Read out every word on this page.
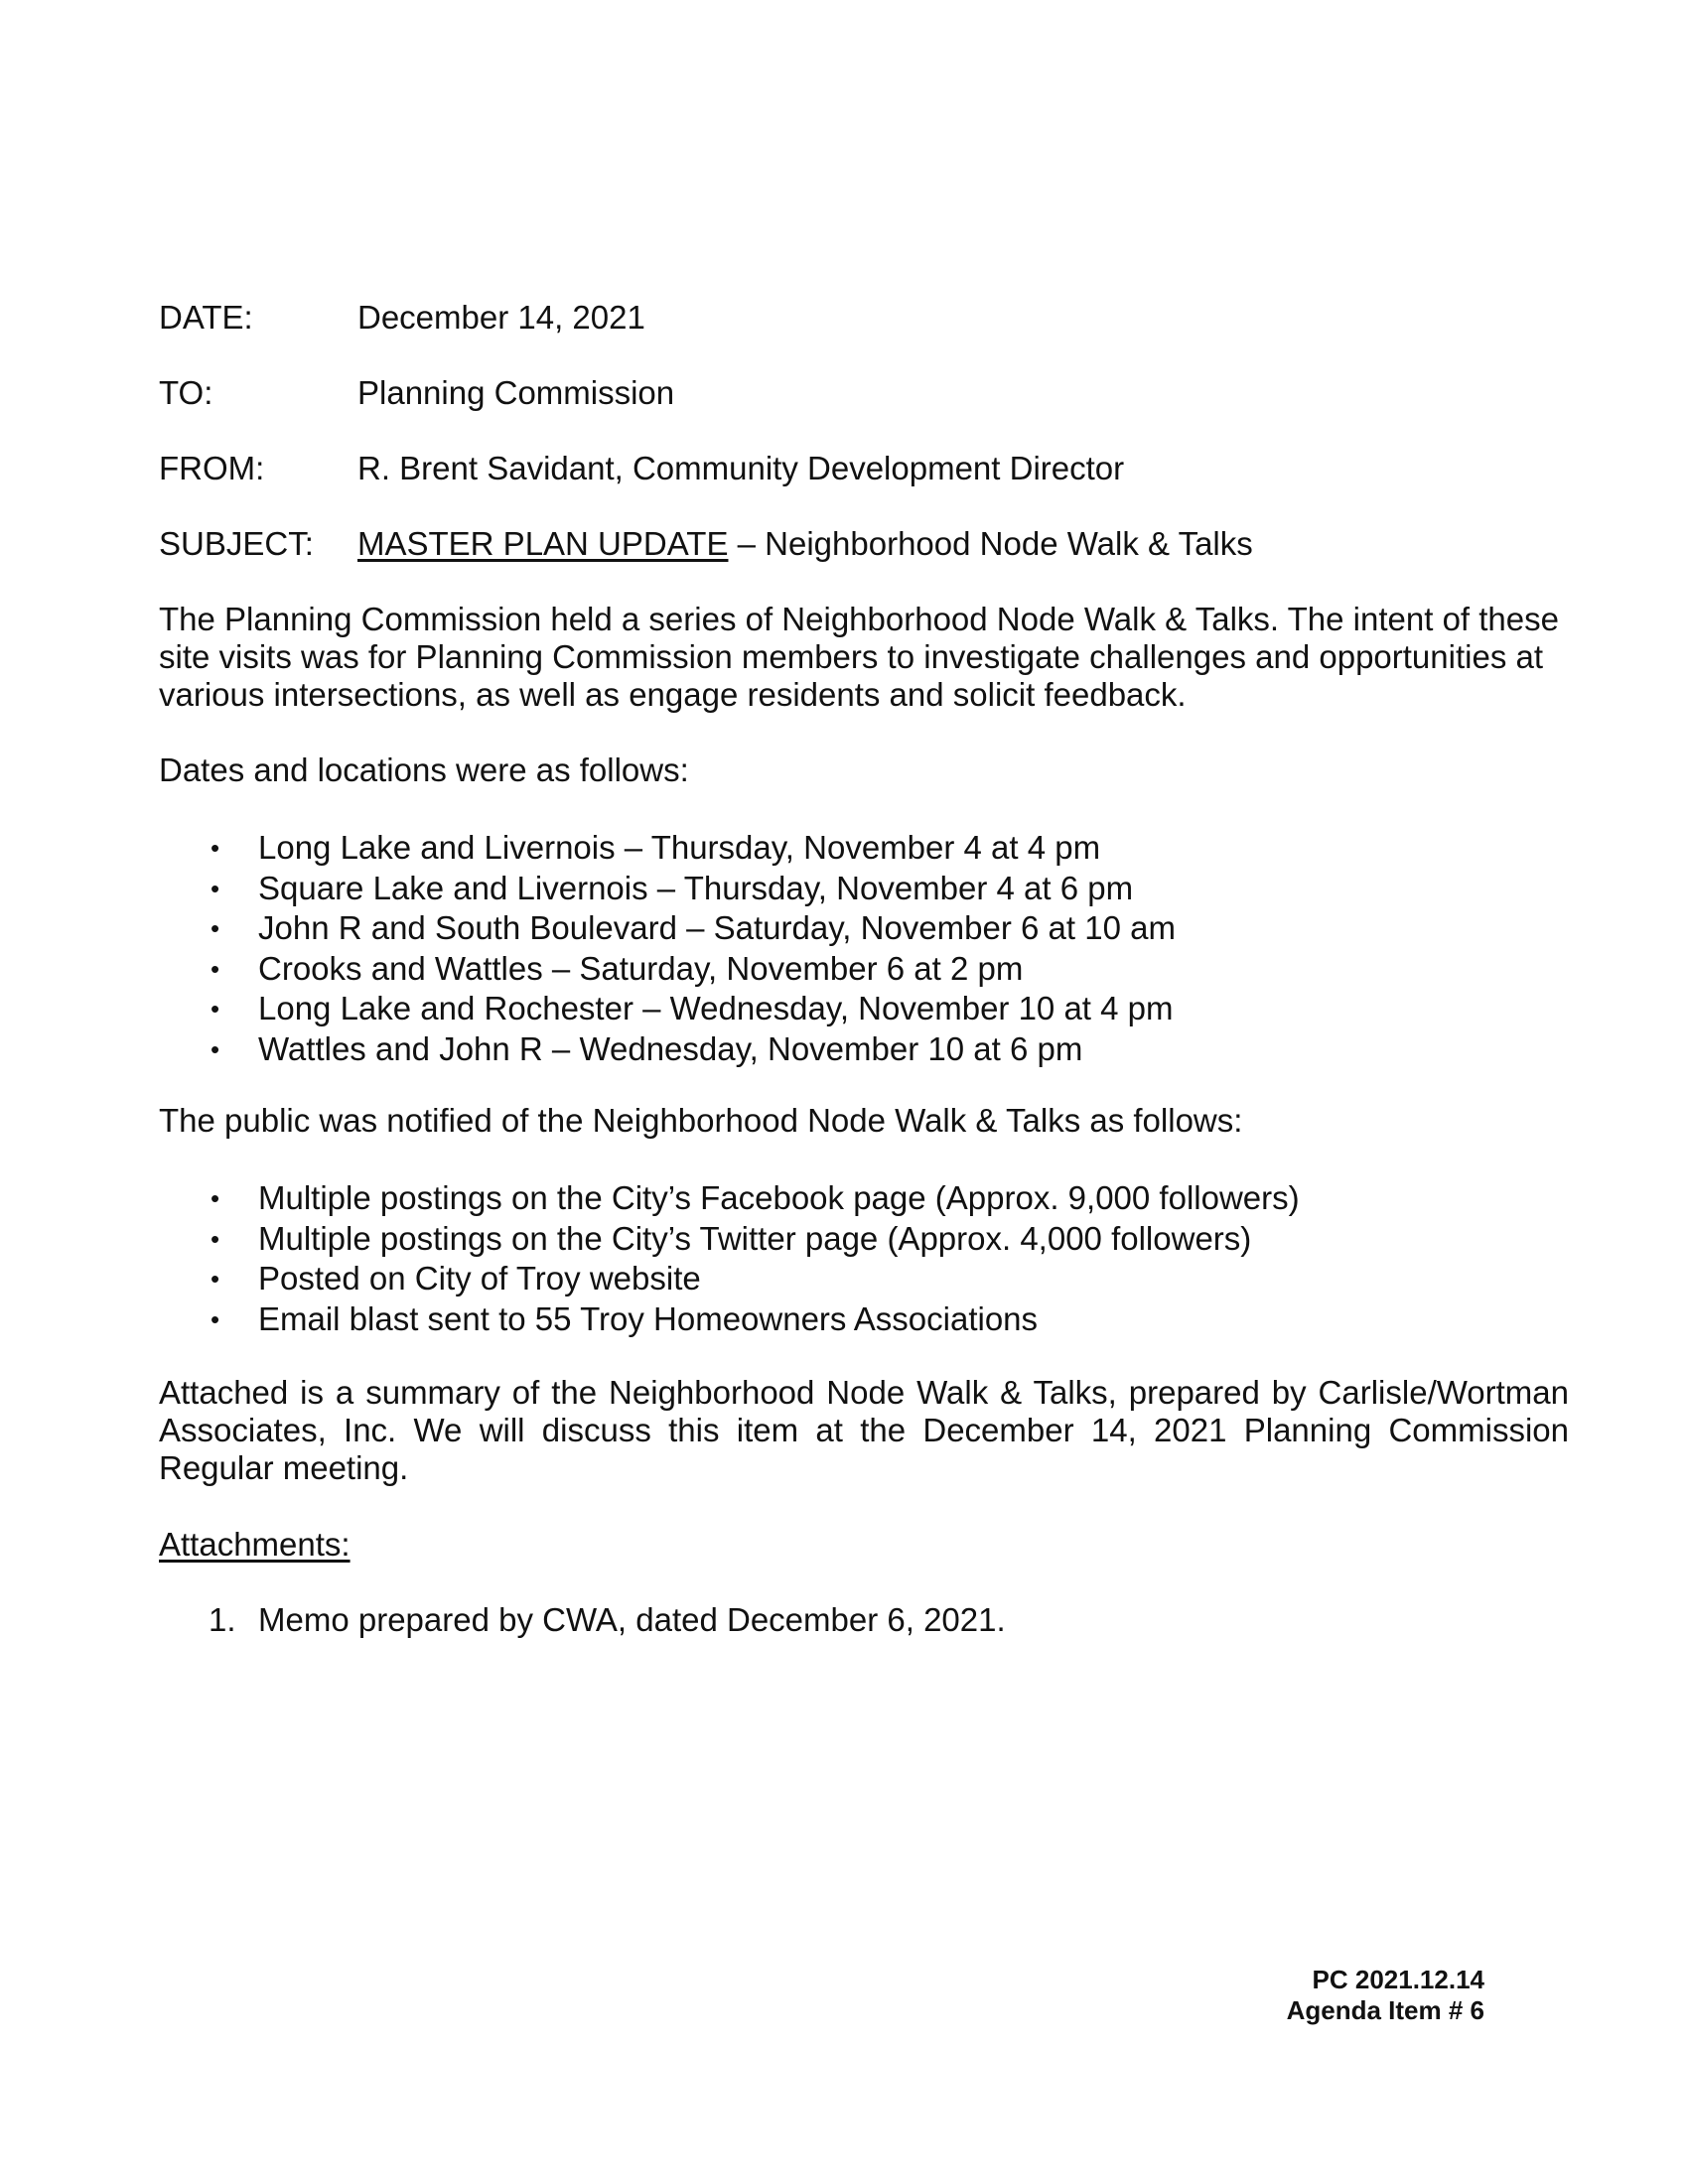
DATE:	December 14, 2021
TO:	Planning Commission
FROM:	R. Brent Savidant, Community Development Director
SUBJECT: MASTER PLAN UPDATE – Neighborhood Node Walk & Talks

The Planning Commission held a series of Neighborhood Node Walk & Talks. The intent of these site visits was for Planning Commission members to investigate challenges and opportunities at various intersections, as well as engage residents and solicit feedback.

Dates and locations were as follows:

• Long Lake and Livernois – Thursday, November 4 at 4 pm
• Square Lake and Livernois – Thursday, November 4 at 6 pm
• John R and South Boulevard – Saturday, November 6 at 10 am
• Crooks and Wattles – Saturday, November 6 at 2 pm
• Long Lake and Rochester – Wednesday, November 10 at 4 pm
• Wattles and John R – Wednesday, November 10 at 6 pm

The public was notified of the Neighborhood Node Walk & Talks as follows:

• Multiple postings on the City’s Facebook page (Approx. 9,000 followers)
• Multiple postings on the City’s Twitter page (Approx. 4,000 followers)
• Posted on City of Troy website
• Email blast sent to 55 Troy Homeowners Associations

Attached is a summary of the Neighborhood Node Walk & Talks, prepared by Carlisle/Wortman Associates, Inc. We will discuss this item at the December 14, 2021 Planning Commission Regular meeting.

Attachments:

1. Memo prepared by CWA, dated December 6, 2021.
PC 2021.12.14
Agenda Item # 6
